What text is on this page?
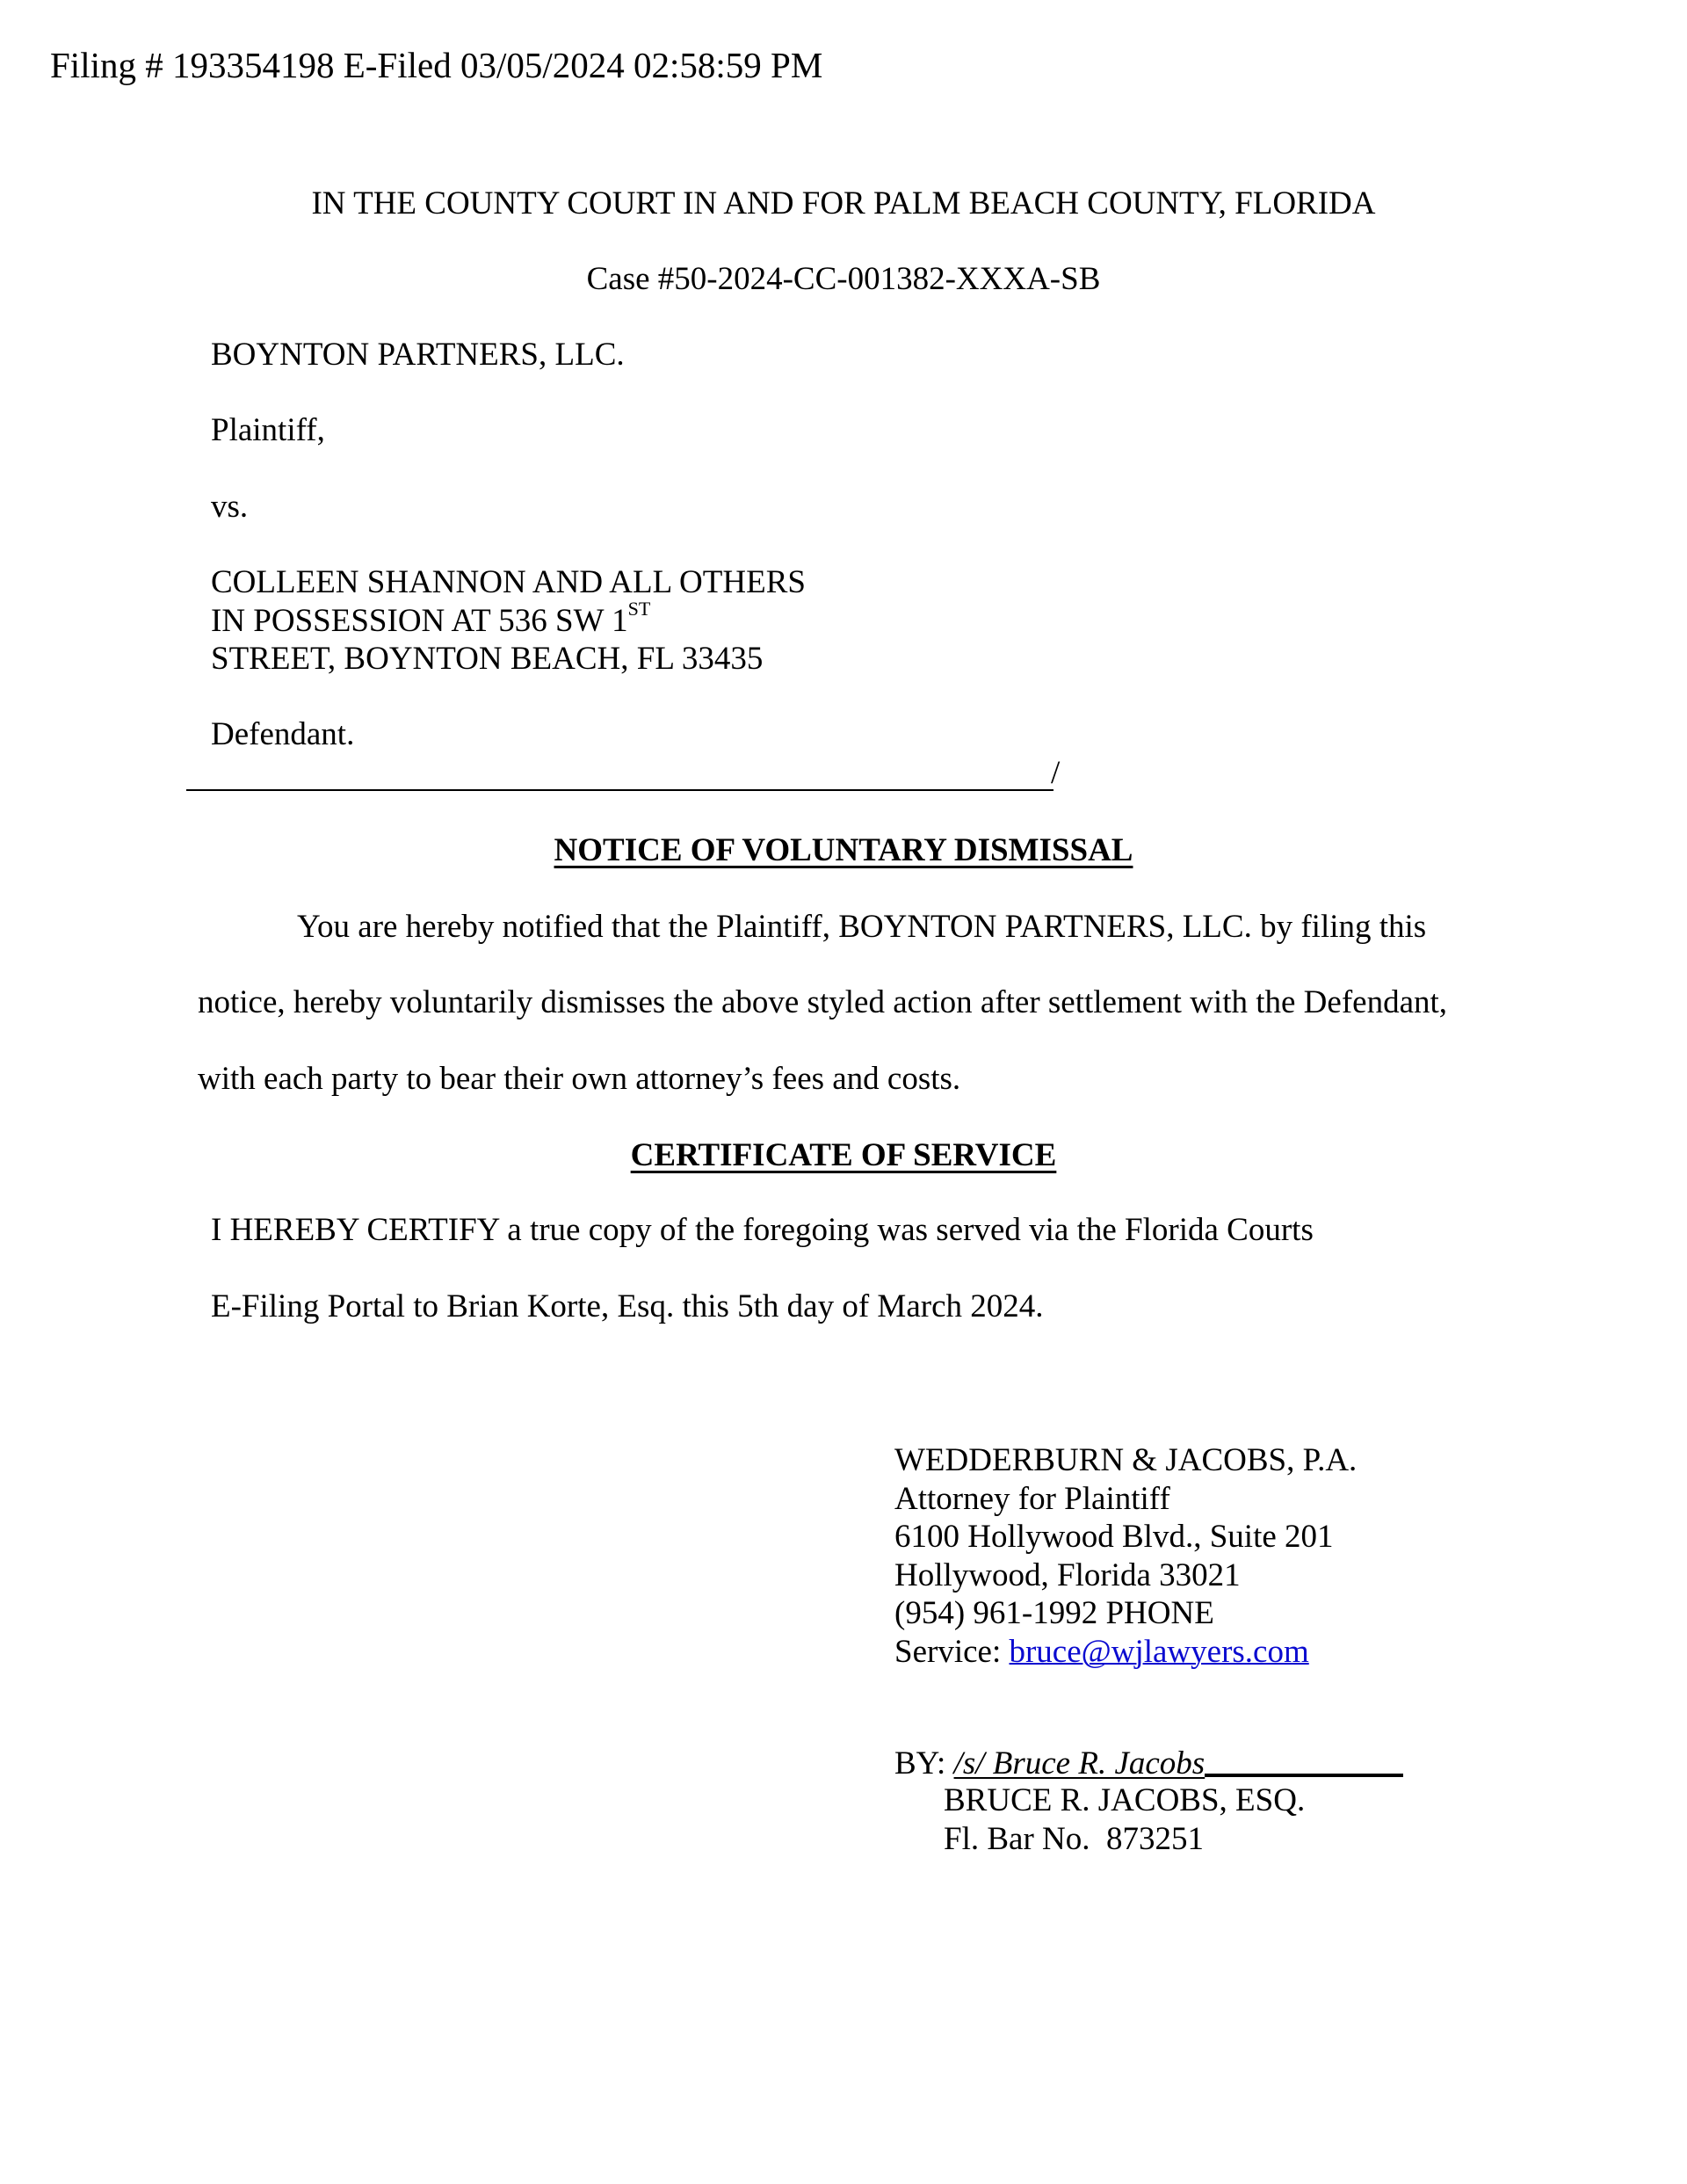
Filing # 193354198 E-Filed 03/05/2024 02:58:59 PM
IN THE COUNTY COURT IN AND FOR PALM BEACH COUNTY, FLORIDA
Case #50-2024-CC-001382-XXXA-SB
BOYNTON PARTNERS, LLC.
Plaintiff,
vs.
COLLEEN SHANNON AND ALL OTHERS
IN POSSESSION AT 536 SW 1ST
STREET, BOYNTON BEACH, FL 33435
Defendant.
/
NOTICE OF VOLUNTARY DISMISSAL
You are hereby notified that the Plaintiff, BOYNTON PARTNERS, LLC. by filing this
notice, hereby voluntarily dismisses the above styled action after settlement with the Defendant,
with each party to bear their own attorney’s fees and costs.
CERTIFICATE OF SERVICE
I HEREBY CERTIFY a true copy of the foregoing was served via the Florida Courts
E-Filing Portal to Brian Korte, Esq. this 5th day of March 2024.
WEDDERBURN & JACOBS, P.A.
Attorney for Plaintiff
6100 Hollywood Blvd., Suite 201
Hollywood, Florida 33021
(954) 961-1992 PHONE
Service: bruce@wjlawyers.com
BY: /s/ Bruce R. Jacobs
BRUCE R. JACOBS, ESQ.
Fl. Bar No.  873251
